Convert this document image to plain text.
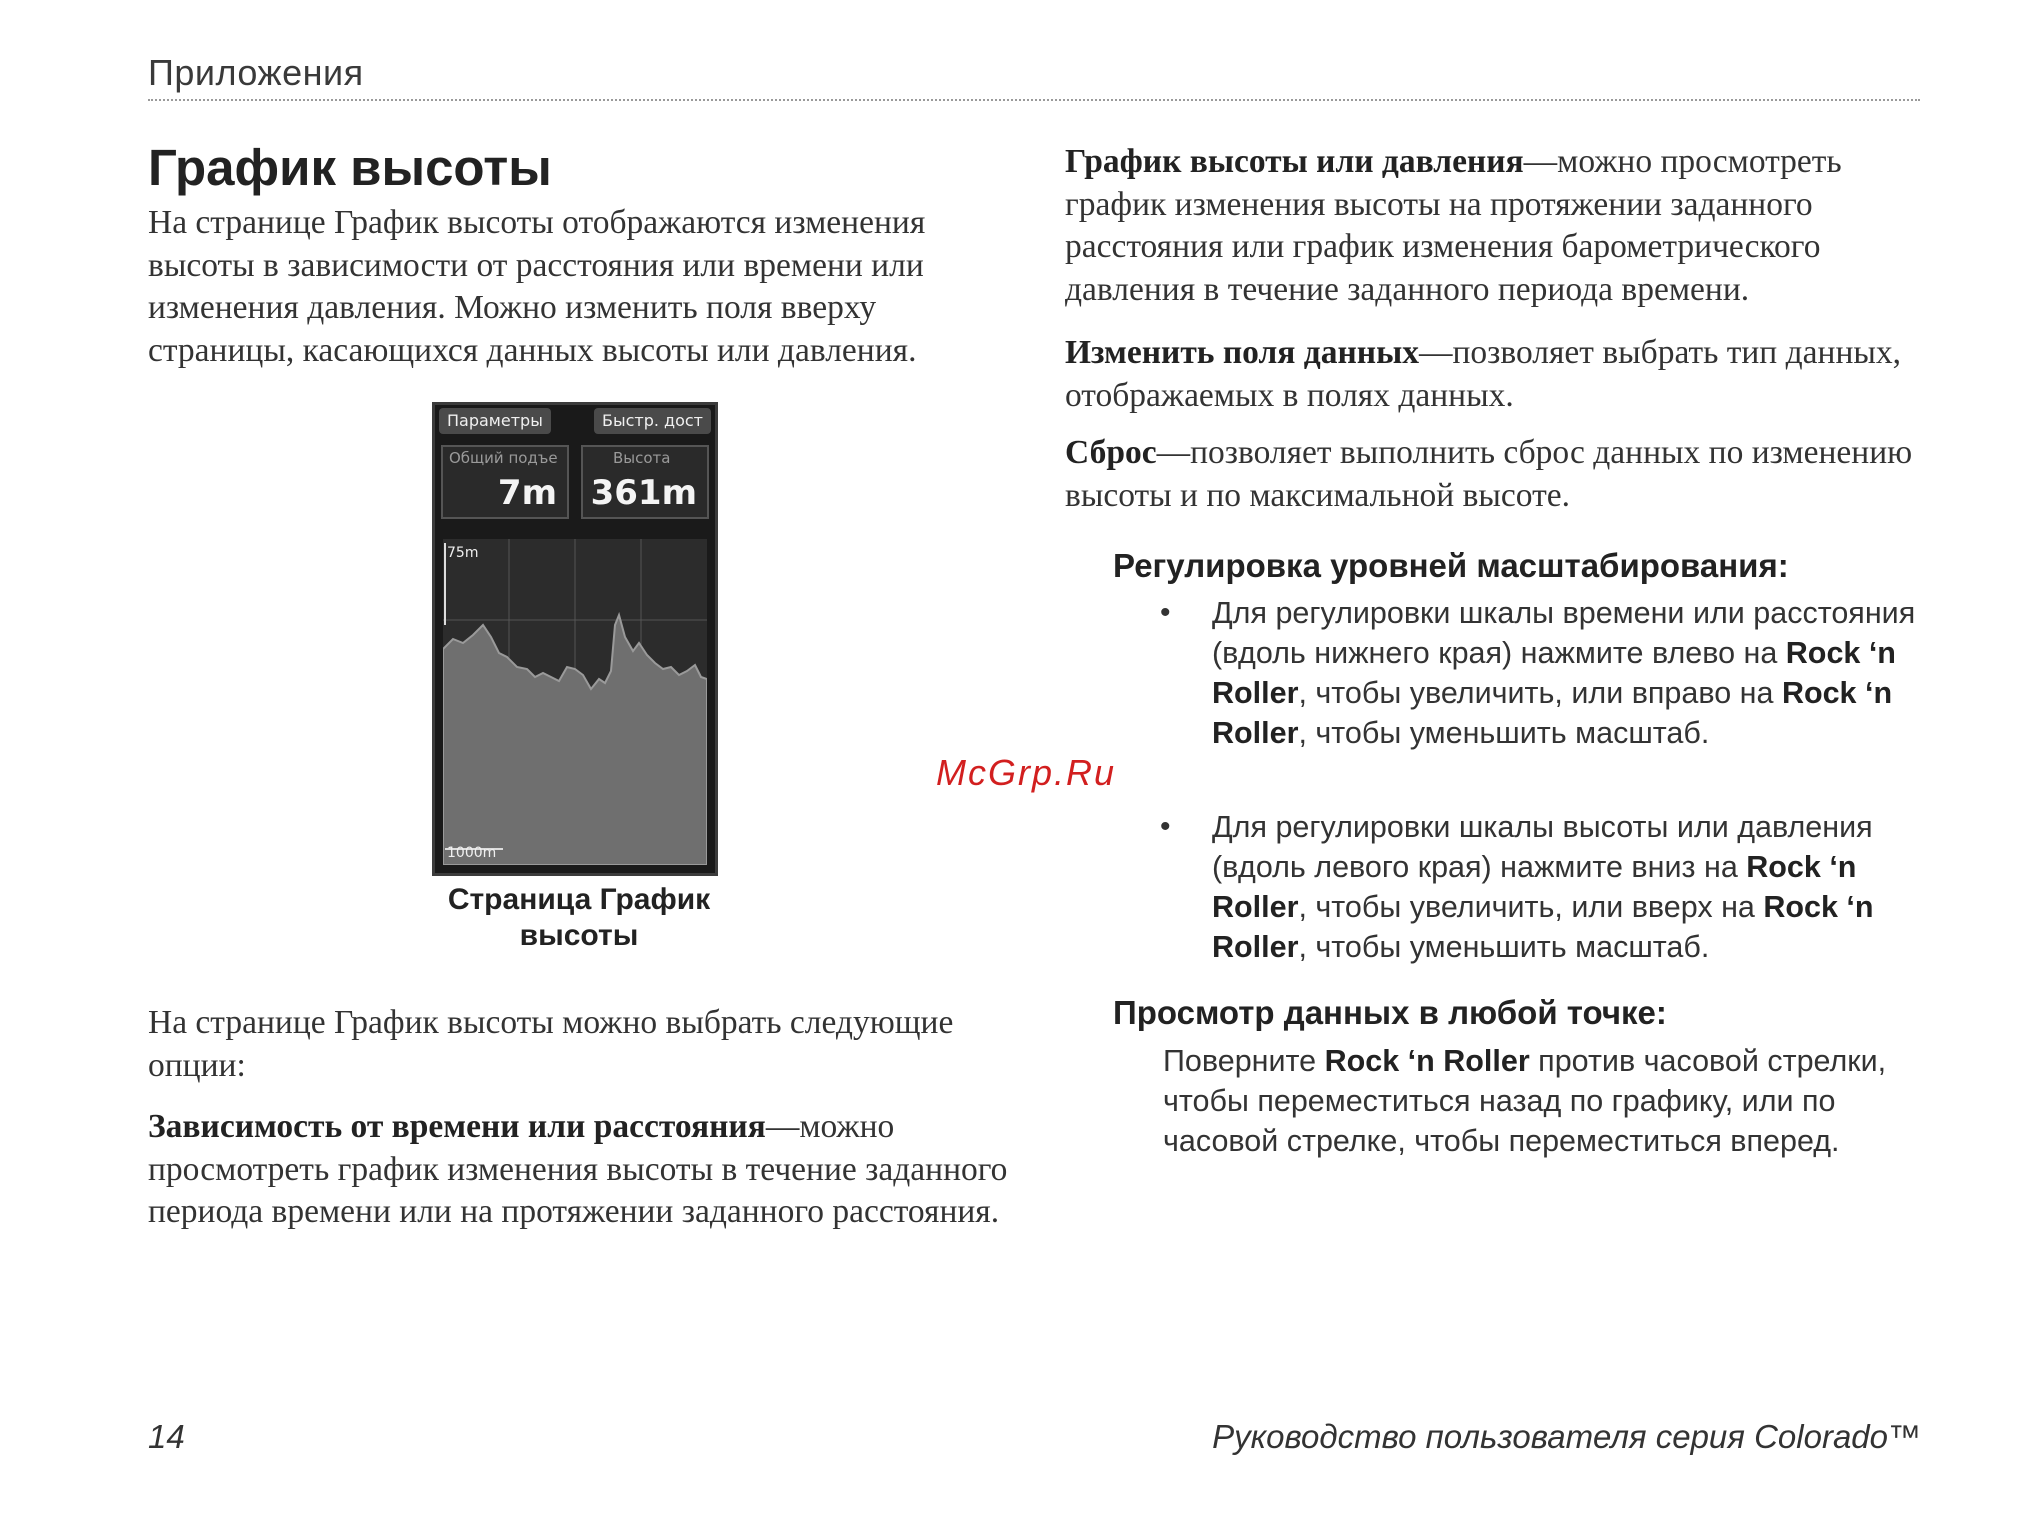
Приложения
График высоты

На странице График высоты отображаются изменения высоты в зависимости от расстояния или времени или изменения давления. Можно изменить поля вверху страницы, касающихся данных высоты или давления.

Параметры	Быстр. дост
Общий подъе
7m
Высота
361m
75m
1000m
Страница График высоты

На странице График высоты можно выбрать следующие опции:

Зависимость от времени или расстояния—можно просмотреть график изменения высоты в течение заданного периода времени или на протяжении заданного расстояния.

График высоты или давления—можно просмотреть график изменения высоты на протяжении заданного расстояния или график изменения барометрического давления в течение заданного периода времени.

Изменить поля данных—позволяет выбрать тип данных, отображаемых в полях данных.

Сброс—позволяет выполнить сброс данных по изменению высоты и по максимальной высоте.

Регулировка уровней масштабирования:
• Для регулировки шкалы времени или расстояния (вдоль нижнего края) нажмите влево на Rock ‘n Roller, чтобы увеличить, или вправо на Rock ‘n Roller, чтобы уменьшить масштаб.

• Для регулировки шкалы высоты или давления (вдоль левого края) нажмите вниз на Rock ‘n Roller, чтобы увеличить, или вверх на Rock ‘n Roller, чтобы уменьшить масштаб.

Просмотр данных в любой точке:

Поверните Rock ‘n Roller против часовой стрелки, чтобы переместиться назад по графику, или по часовой стрелке, чтобы переместиться вперед.

McGrp.Ru
14	Руководство пользователя серия Colorado™
